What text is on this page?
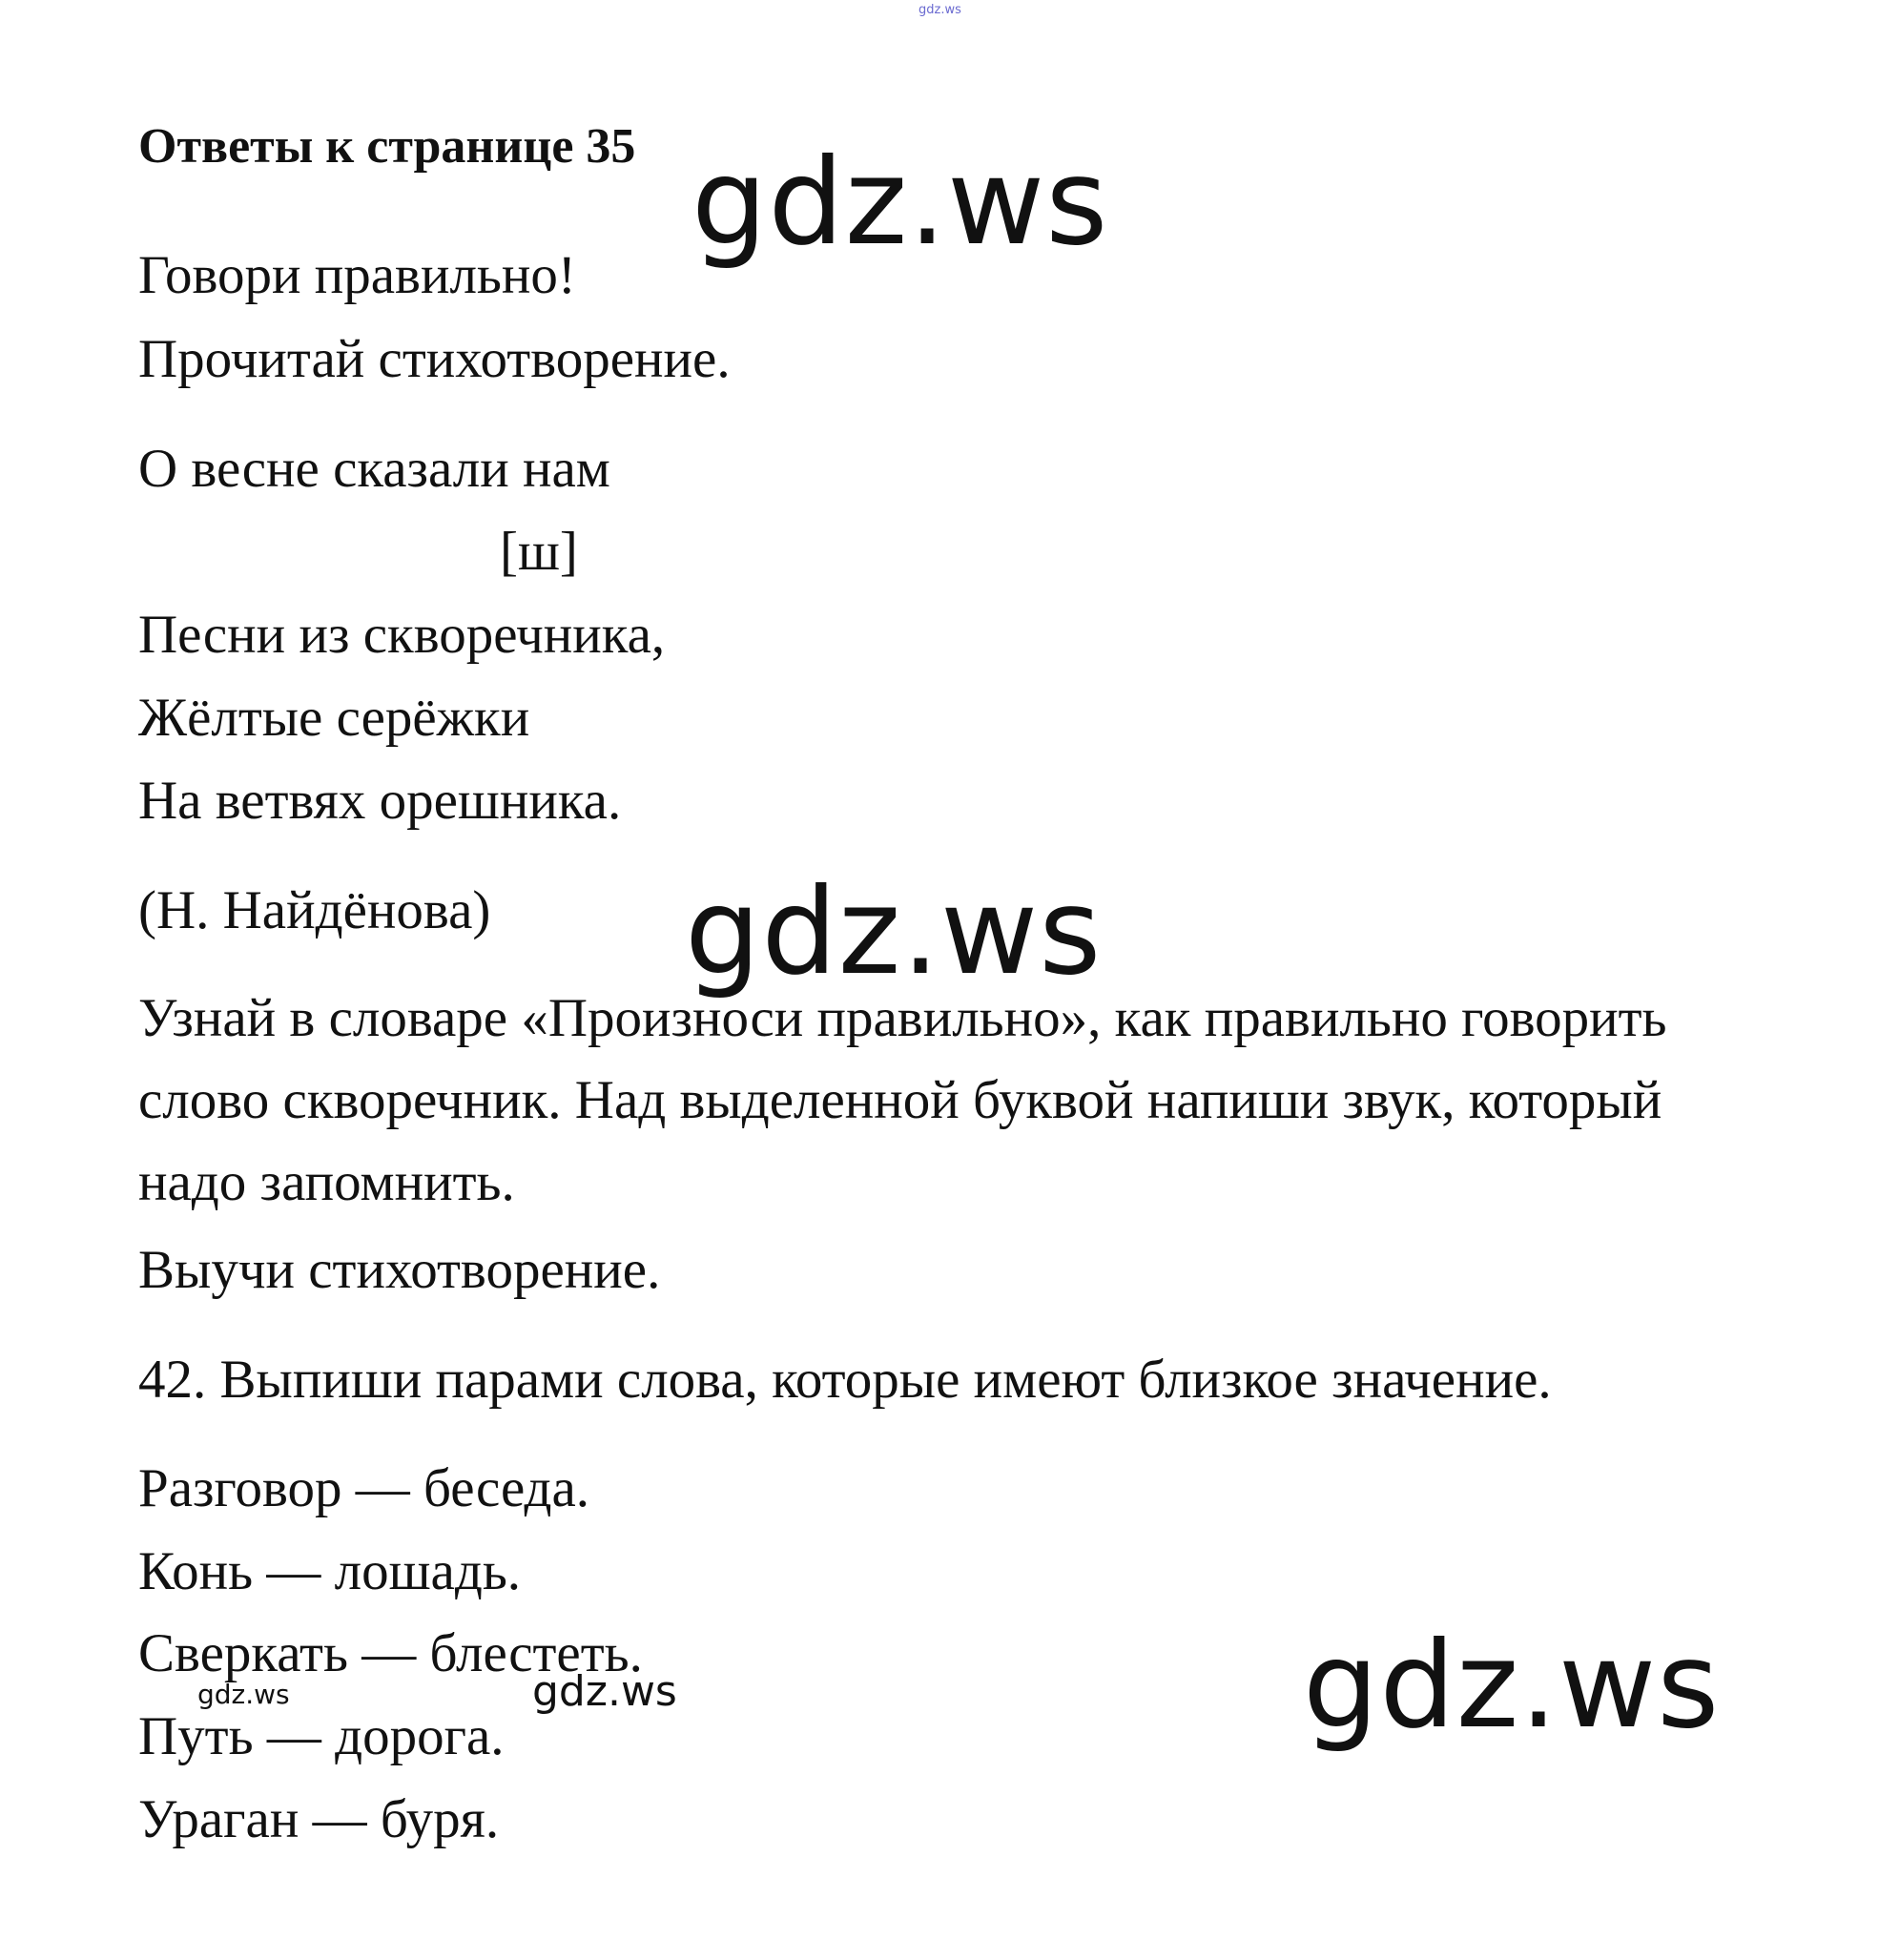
gdz.ws
Ответы к странице 35 gdz.ws
Говори правильно!
Прочитай стихотворение.
О весне сказали нам
[ш]
Песни из скворечника,
Жёлтые серёжки
На ветвях орешника.
(Н. Найдёнова) gdz.ws
Узнай в словаре «Произноси правильно», как правильно говорить слово скворечник. Над выделенной буквой напиши звук, который надо запомнить.
Выучи стихотворение.
42. Выпиши парами слова, которые имеют близкое значение.
Разговор — беседа.
Конь — лошадь.
Сверкать — блестеть.
Путь — дорога.
Ураган — буря.
gdz.ws	gdz.ws	gdz.ws
